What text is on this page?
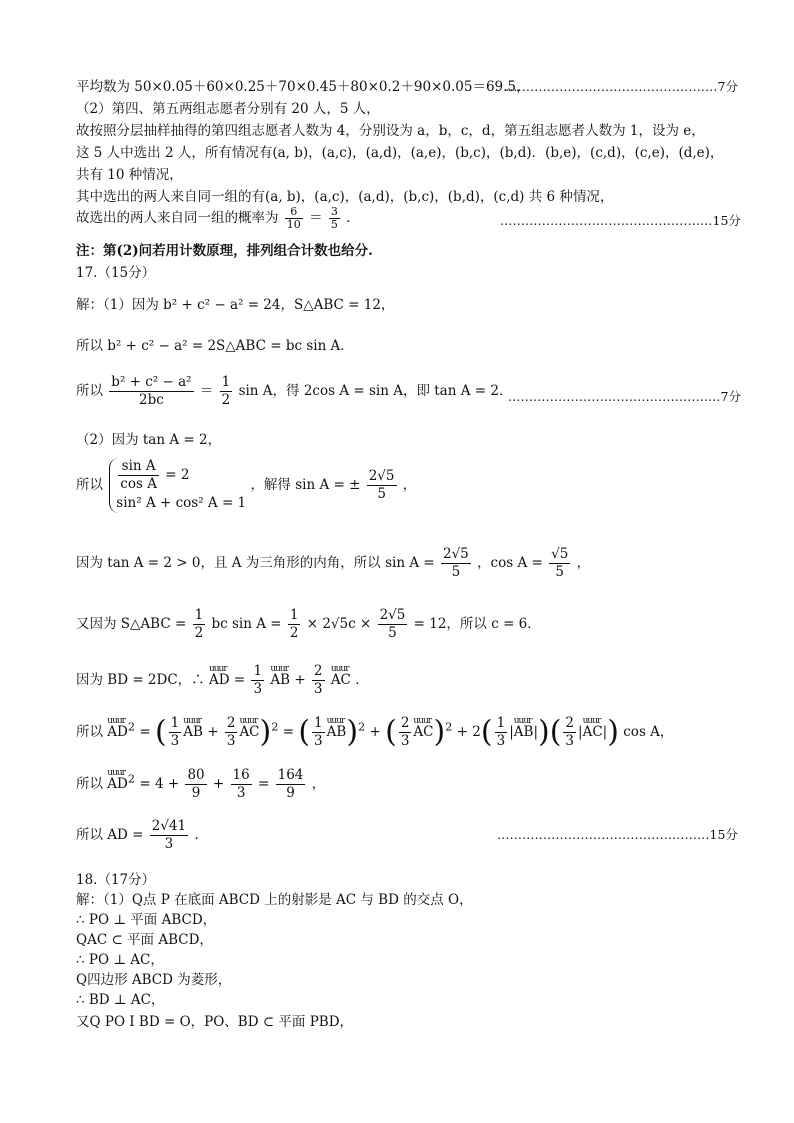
平均数为 50×0.05＋60×0.25＋70×0.45＋80×0.2＋90×0.05＝69.5，
……………………………………………7分
（2）第四、第五两组志愿者分别有 20 人，5 人，
故按照分层抽样抽得的第四组志愿者人数为 4，分别设为 a，b，c，d，第五组志愿者人数为 1，设为 e，
这 5 人中选出 2 人，所有情况有(a, b)，(a,c)，(a,d)，(a,e)，(b,c)，(b,d)．(b,e)，(c,d)，(c,e)，(d,e)，
共有 10 种情况，
其中选出的两人来自同一组的有(a, b)，(a,c)，(a,d)，(b,c)，(b,d)，(c,d) 共 6 种情况，
故选出的两人来自同一组的概率为 $\frac{6}{10} = \frac{3}{5}$ ．	……………………………………………15分
注：第(2)问若用计数原理，排列组合计数也给分.
17.（15分）
解：（1）因为 b² + c² − a² = 24，S△ABC = 12，
所以 b² + c² − a² = 2S△ABC = bc sin A．
所以 $\frac{\text{b² + c² − a²}}{2bc} = \frac{1}{2}$ sin A，得 2cos A = sin A，即 tan A = 2．
……………………………………………7分
（2）因为 tan A = 2，
所以 $\frac{\text{sin A}}{\text{cos A}} = 2$
sin² A + cos² A = 1
，解得 sin A = ± $\frac{2√5}{5}$ ，
因为 tan A = 2 > 0，且 A 为三角形的内角，所以 $\sin A = \frac{2√5}{5}$ ，$\cos A = \frac{√5}{5}$ ，
又因为 S△ABC = $\frac{1}{2}$ bc $\sin A = \frac{1}{2} \times 2√5c \times \frac{2√5}{5} = 12$，所以 c = 6．
因为 BD = 2DC，∴ uuur AD = $\frac{1}{3}$ uuur AB + $\frac{2}{3}$ uuur AC ．
所以 uuur $AD^2$ = ( $\frac{1}{3}$ uuur AB + $\frac{2}{3}$ uuur AC)$^2$ = ( $\frac{1}{3}$ uuur AB)$^2$ + ( $\frac{2}{3}$ uuur $AC)^2 + 2( \frac{1}{3}$ |uuur $AB|)( \frac{2}{3}$ |uuur AC|) cos A，
所以 uuur $AD^2 = 4 + \frac{80}{9} + \frac{16}{3} = \frac{164}{9}$ ，
所以 AD = $\frac{2√41}{3}$ ．	……………………………………………15分
18.（17分）
解：（1）Q点 P 在底面 ABCD 上的射影是 AC 与 BD 的交点 O，
∴ PO ⊥ 平面 ABCD，
QAC ⊂ 平面 ABCD，
∴ PO ⊥ AC，
Q四边形 ABCD 为菱形，
∴ BD ⊥ AC，
又Q PO I BD = O，PO、BD ⊂ 平面 PBD，
